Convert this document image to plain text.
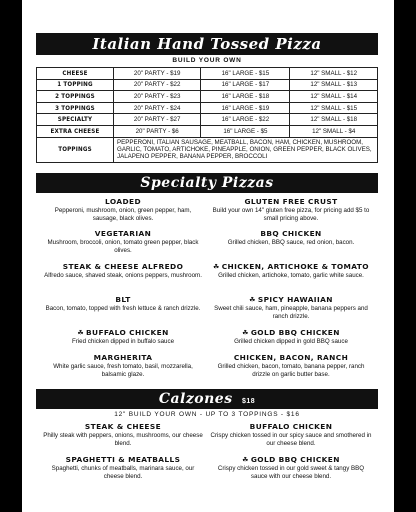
Italian Hand Tossed Pizza
BUILD YOUR OWN
CHEESE	20" PARTY - $19	16" LARGE - $15	12" SMALL - $12
1 TOPPING	20" PARTY - $22	16" LARGE - $17	12" SMALL - $13
2 TOPPINGS	20" PARTY - $23	16" LARGE - $18	12" SMALL - $14
3 TOPPINGS	20" PARTY - $24	16" LARGE - $19	12" SMALL - $15
SPECIALTY	20" PARTY - $27	16" LARGE - $22	12" SMALL - $18
EXTRA CHEESE	20" PARTY - $6	16" LARGE - $5	12" SMALL - $4
TOPPINGS	PEPPERONI, ITALIAN SAUSAGE, MEATBALL, BACON, HAM, CHICKEN, MUSHROOM, GARLIC, TOMATO, ARTICHOKE, PINEAPPLE, ONION, GREEN PEPPER, BLACK OLIVES, JALAPENO PEPPER, BANANA PEPPER, BROCCOLI		
Specialty Pizzas
LOADED
Pepperoni, mushroom, onion, green pepper, ham, sausage, black olives.
VEGETARIAN
Mushroom, broccoli, onion, tomato green pepper, black olives.
STEAK & CHEESE ALFREDO
Alfredo sauce, shaved steak, onions peppers, mushroom.
BLT
Bacon, tomato, topped with fresh lettuce & ranch drizzle.
☘ BUFFALO CHICKEN
Fried chicken dipped in buffalo sauce
MARGHERITA
White garlic sauce, fresh tomato, basil, mozzarella, balsamic glaze.
GLUTEN FREE CRUST
Build your own 14" gluten free pizza, for pricing add $5 to small pricing above.
BBQ CHICKEN
Grilled chicken, BBQ sauce, red onion, bacon.
☘ CHICKEN, ARTICHOKE & TOMATO
Grilled chicken, artichoke, tomato, garlic white sauce.
☘ SPICY HAWAIIAN
Sweet chili sauce, ham, pineapple, banana peppers and ranch drizzle.
☘ GOLD BBQ CHICKEN
Grilled chicken dipped in gold BBQ sauce
CHICKEN, BACON, RANCH
Grilled chicken, bacon, tomato, banana pepper, ranch drizzle on garlic butter base.
Calzones $18
12" BUILD YOUR OWN - UP TO 3 TOPPINGS - $16
STEAK & CHEESE
Philly steak with peppers, onions, mushrooms, our cheese blend.
SPAGHETTI & MEATBALLS
Spaghetti, chunks of meatballs, marinara sauce, our cheese blend.
BUFFALO CHICKEN
Crispy chicken tossed in our spicy sauce and smothered in our cheese blend.
☘ GOLD BBQ CHICKEN
Crispy chicken tossed in our gold sweet & tangy BBQ sauce with our cheese blend.
